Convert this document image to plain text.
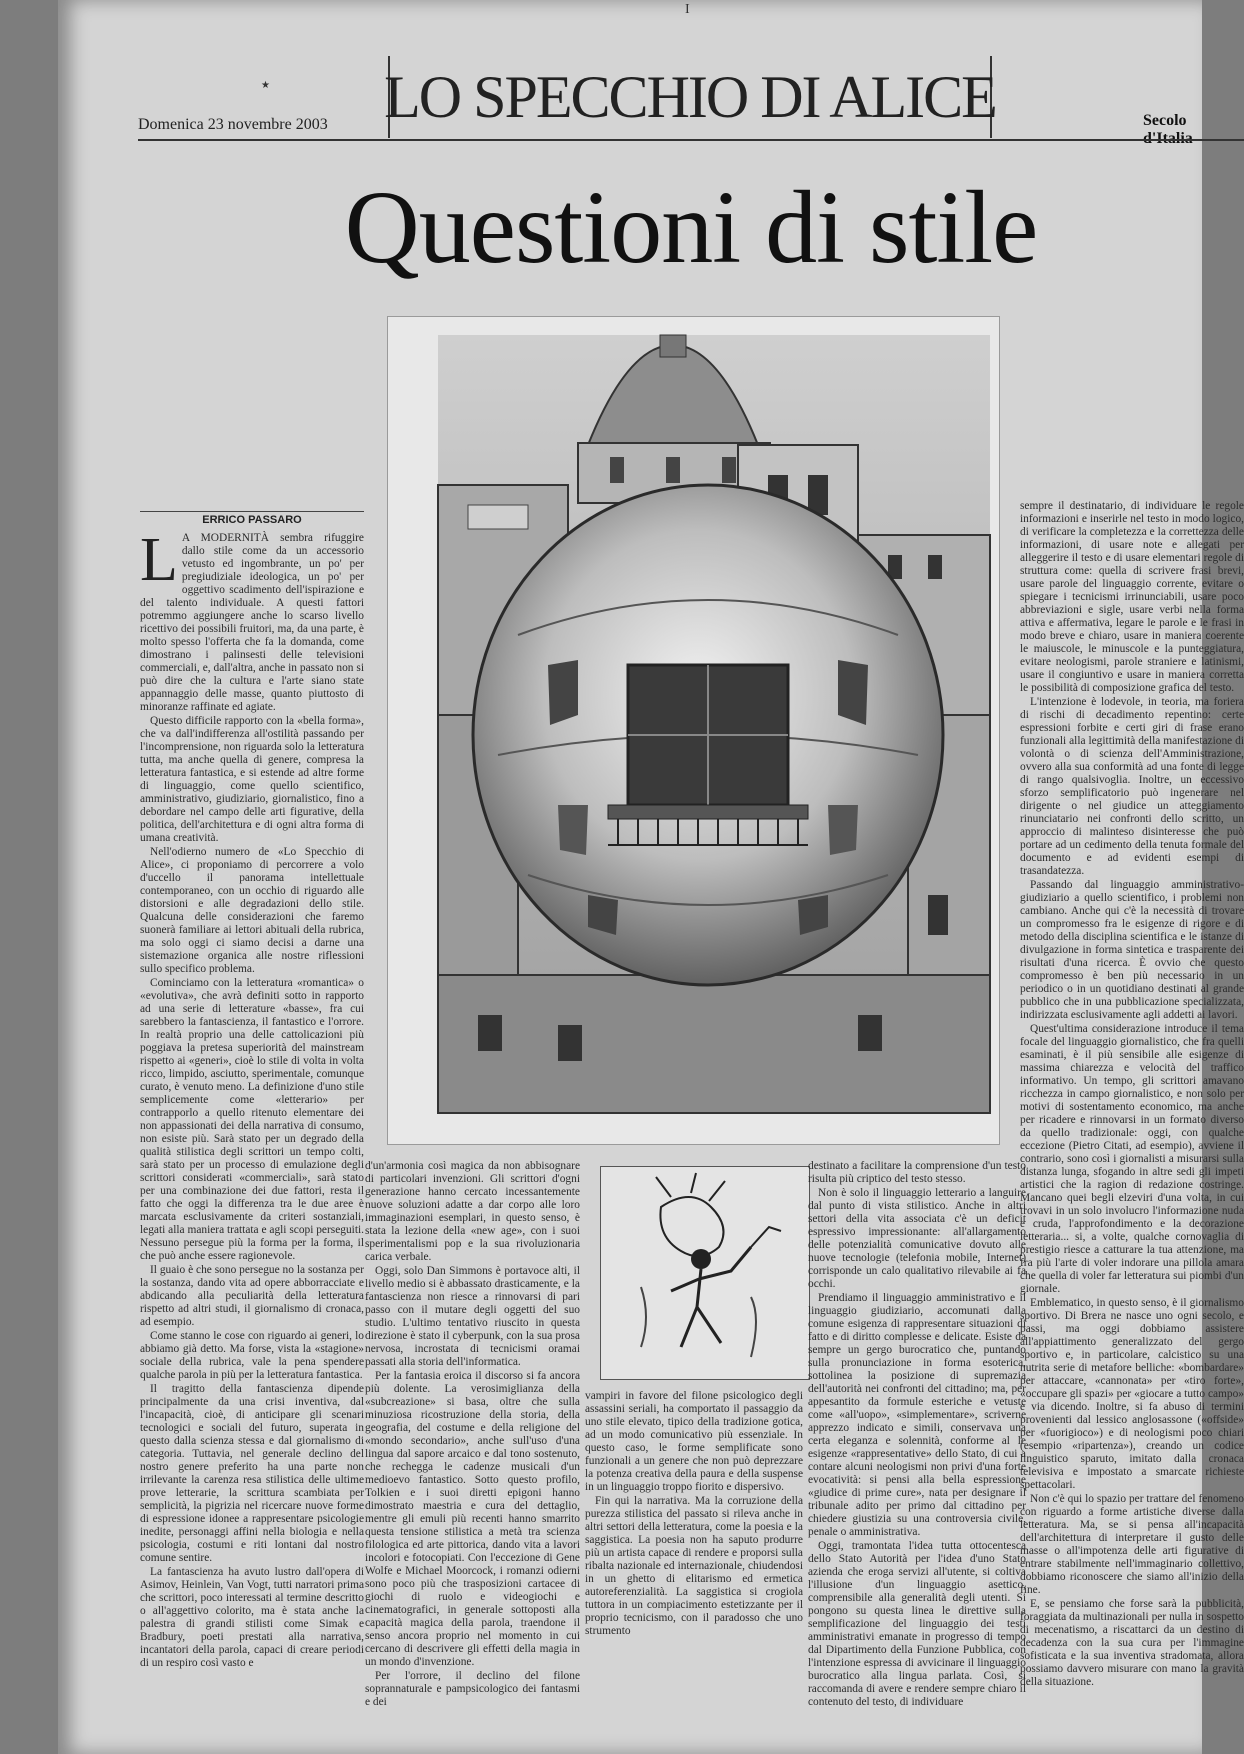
I
★ LO SPECCHIO DI ALICE
Domenica 23 novembre 2003	Secolo
Questioni di stile
ERRICO PASSARO

L A MODERNITÀ sembra rifuggire dallo stile come da un accessorio vetusto ed ingombrante, un po' per pregiudiziale ideologica, un po' per oggettivo scadimento dell'ispirazione e del talento individuale. A questi fattori potremmo aggiungere anche lo scarso livello ricettivo dei possibili fruitori, ma, da una parte, è molto spesso l'offerta che fa la domanda, come dimostrano i palinsesti delle televisioni commerciali, e, dall'altra, anche in passato non si può dire che la cultura e l'arte siano state appannaggio delle masse, quanto piuttosto di minoranze raffinate ed agiate.

Questo difficile rapporto con la «bella forma», che va dall'indifferenza all'ostilità passando per l'incomprensione, non riguarda solo la letteratura tutta, ma anche quella di genere, compresa la letteratura fantastica, e si estende ad altre forme di linguaggio, come quello scientifico, amministrativo, giudiziario, giornalistico, fino a debordare nel campo delle arti figurative, della politica, dell'architettura e di ogni altra forma di umana creatività.

Nell'odierno numero de «Lo Specchio di Alice», ci proponiamo di percorrere a volo d'uccello il panorama intellettuale contemporaneo, con un occhio di riguardo alle distorsioni e alle degradazioni dello stile. Qualcuna delle considerazioni che faremo suonerà familiare ai lettori abituali della rubrica, ma solo oggi ci siamo decisi a darne una sistemazione organica alle nostre riflessioni sullo specifico problema.

Cominciamo con la letteratura «romantica» o «evolutiva», che avrà definiti sotto in rapporto ad una serie di letterature «basse», fra cui sarebbero la fantascienza, il fantastico e l'orrore. In realtà proprio una delle cattolicazioni più poggiava la pretesa superiorità del mainstream rispetto ai «generi», cioè lo stile di volta in volta ricco, limpido, asciutto, sperimentale, comunque curato, è venuto meno. La definizione d'uno stile semplicemente come «letterario» per contrapporlo a quello ritenuto elementare dei non appassionati dei della narrativa di consumo, non esiste più. Sarà stato per un degrado della qualità stilistica degli scrittori un tempo colti, sarà stato per un processo di emulazione degli scrittori considerati «commerciali», sarà stato per una combinazione dei due fattori, resta il fatto che oggi la differenza tra le due aree è marcata esclusivamente da criteri sostanziali, legati alla maniera trattata e agli scopi perseguiti. Nessuno persegue più la forma per la forma, il che può anche essere ragionevole.

Il guaio è che sono persegue no la sostanza per la sostanza, dando vita ad opere abborracciate e abdicando alla peculiarità della letteratura rispetto ad altri studi, il giornalismo di cronaca, ad esempio.

Come stanno le cose con riguardo ai generi, lo abbiamo già detto. Ma forse, vista la «stagione» sociale della rubrica, vale la pena spendere qualche parola in più per la letteratura fantastica.

Il tragitto della fantascienza dipende principalmente da una crisi inventiva, dal l'incapacità, cioè, di anticipare gli scenari tecnologici e sociali del futuro, superata in questo dalla scienza stessa e dal giornalismo di categoria. Tuttavia, nel generale declino del nostro genere preferito ha una parte non irrilevante la carenza resa stilistica delle ultime prove letterarie, la scrittura scambiata per semplicità, la pigrizia nel ricercare nuove forme di espressione idonee a rappresentare psicologie inedite, personaggi affini nella biologia e nella psicologia, costumi e riti lontani dal nostro comune sentire.

La fantascienza ha avuto lustro dall'opera di Asimov, Heinlein, Van Vogt, tutti narratori prima che scrittori, poco interessati al termine descritto o all'aggettivo colorito, ma è stata anche la palestra di grandi stilisti come Simak e Bradbury, poeti prestati alla narrativa, incantatori della parola, capaci di creare periodi di un respiro così vasto e

d'un'armonia così magica da non abbisognare di particolari invenzioni. Gli scrittori d'ogni generazione hanno cercato incessantemente nuove soluzioni adatte a dar corpo alle loro immaginazioni esemplari, in questo senso, è stata la lezione della «new age», con i suoi sperimentalismi pop e la sua rivoluzionaria carica verbale.

Oggi, solo Dan Simmons è portavoce alti, il livello medio si è abbassato drasticamente, e la fantascienza non riesce a rinnovarsi di pari passo con il mutare degli oggetti del suo studio. L'ultimo tentativo riuscito in questa direzione è stato il cyberpunk, con la sua prosa nervosa, incrostata di tecnicismi oramai passati alla storia dell'informatica.

Per la fantasia eroica il discorso si fa ancora più dolente. La verosimiglianza della «subcreazione» si basa, oltre che sulla minuziosa ricostruzione della storia, della geografia, del costume e della religione del «mondo secondario», anche sull'uso d'una lingua dal sapore arcaico e dal tono sostenuto, che rechegga le cadenze musicali d'un medioevo fantastico. Sotto questo profilo, Tolkien e i suoi diretti epigoni hanno dimostrato maestria e cura del dettaglio, mentre gli emuli più recenti hanno smarrito questa tensione stilistica a metà tra scienza filologica ed arte pittorica, dando vita a lavori incolori e fotocopiati. Con l'eccezione di Gene Wolfe e Michael Moorcock, i romanzi odierni sono poco più che trasposizioni cartacee di giochi di ruolo e videogiochi e cinematografici, in generale sottoposti alla capacità magica della parola, traendone il senso ancora proprio nel momento in cui cercano di descrivere gli effetti della magia in un mondo d'invenzione.

Per l'orrore, il declino del filone soprannaturale e pampsicologico dei fantasmi e dei

vampiri in favore del filone psicologico degli assassini seriali, ha comportato il passaggio da uno stile elevato, tipico della tradizione gotica, ad un modo comunicativo più essenziale. In questo caso, le forme semplificate sono funzionali a un genere che non può deprezzare la potenza creativa della paura e della suspense in un linguaggio troppo fiorito e dispersivo.

Fin qui la narrativa. Ma la corruzione della purezza stilistica del passato si rileva anche in altri settori della letteratura, come la poesia e la saggistica. La poesia non ha saputo produrre più un artista capace di rendere e proporsi sulla ribalta nazionale ed internazionale, chiudendosi in un ghetto di elitarismo ed ermetica autoreferenzialità. La saggistica si crogiola tuttora in un compiacimento estetizzante per il proprio tecnicismo, con il paradosso che uno strumento

destinato a facilitare la comprensione d'un testo risulta più criptico del testo stesso.

Non è solo il linguaggio letterario a languire dal punto di vista stilistico. Anche in altri settori della vita associata c'è un deficit espressivo impressionante: all'allargamento delle potenzialità comunicative dovuto alle nuove tecnologie (telefonia mobile, Internet) corrisponde un calo qualitativo rilevabile ai fa occhi.

Prendiamo il linguaggio amministrativo e il linguaggio giudiziario, accomunati dalla comune esigenza di rappresentare situazioni di fatto e di diritto complesse e delicate. Esiste da sempre un gergo burocratico che, puntando sulla pronunciazione in forma esoterica, sottolinea la posizione di supremazia dell'autorità nei confronti del cittadino; ma, per appesantito da formule esteriche e vetuste come «all'uopo», «simplementare», scriverne apprezzo indicato e simili, conservava una certa eleganza e solennità, conforme al le esigenze «rappresentative» dello Stato, di cui a contare alcuni neologismi non privi d'una forte evocatività: si pensi alla bella espressione «giudice di prime cure», nata per designare il tribunale adito per primo dal cittadino per chiedere giustizia su una controversia civile, penale o amministrativa.

Oggi, tramontata l'idea tutta ottocentesca dello Stato Autorità per l'idea d'uno Stato azienda che eroga servizi all'utente, si coltiva l'illusione d'un linguaggio asettico, comprensibile alla generalità degli utenti. Si pongono su questa linea le direttive sulla semplificazione del linguaggio dei testi amministrativi emanate in progresso di tempo dal Dipartimento della Funzione Pubblica, con l'intenzione espressa di avvicinare il linguaggio burocratico alla lingua parlata. Così, si raccomanda di avere e rendere sempre chiaro il contenuto del testo, di individuare

sempre il destinatario, di individuare le regole informazioni e inserirle nel testo in modo logico, di verificare la completezza e la correttezza delle informazioni, di usare note e allegati per alleggerire il testo e di usare elementari regole di struttura come: quella di scrivere frasi brevi, usare parole del linguaggio corrente, evitare o spiegare i tecnicismi irrinunciabili, usare poco abbreviazioni e sigle, usare verbi nella forma attiva e affermativa, legare le parole e le frasi in modo breve e chiaro, usare in maniera coerente le maiuscole, le minuscole e la punteggiatura, evitare neologismi, parole straniere e latinismi, usare il congiuntivo e usare in maniera corretta le possibilità di composizione grafica del testo.

L'intenzione è lodevole, in teoria, ma foriera di rischi di decadimento repentino: certe espressioni forbite e certi giri di frase erano funzionali alla legittimità della manifestazione di volontà o di scienza dell'Amministrazione, ovvero alla sua conformità ad una fonte di legge di rango qualsivoglia. Inoltre, un eccessivo sforzo semplificatorio può ingenerare nel dirigente o nel giudice un atteggiamento rinunciatario nei confronti dello scritto, un approccio di malinteso disinteresse che può portare ad un cedimento della tenuta formale del documento e ad evidenti esempi di trasandatezza.

Passando dal linguaggio amministrativo-giudiziario a quello scientifico, i problemi non cambiano. Anche qui c'è la necessità di trovare un compromesso fra le esigenze di rigore e di metodo della disciplina scientifica e le istanze di divulgazione in forma sintetica e trasparente dei risultati d'una ricerca. È ovvio che questo compromesso è ben più necessario in un periodico o in un quotidiano destinati al grande pubblico che in una pubblicazione specializzata, indirizzata esclusivamente agli addetti ai lavori.

Quest'ultima considerazione introduce il tema focale del linguaggio giornalistico, che fra quelli esaminati, è il più sensibile alle esigenze di massima chiarezza e velocità del traffico informativo. Un tempo, gli scrittori amavano ricchezza in campo giornalistico, e non solo per motivi di sostentamento economico, ma anche per ricadere e rinnovarsi in un formato diverso da quello tradizionale: oggi, con qualche eccezione (Pietro Citati, ad esempio), avviene il contrario, sono così i giornalisti a misurarsi sulla distanza lunga, sfogando in altre sedi gli impeti artistici che la ragion di redazione costringe. Mancano quei begli elzeviri d'una volta, in cui trovavi in un solo involucro l'informazione nuda e cruda, l'approfondimento e la decorazione letteraria... si, a volte, qualche cornovaglia di prestigio riesce a catturare la tua attenzione, ma fra più l'arte di voler indorare una pillola amara che quella di voler far letteratura sui piombi d'un giornale.

Emblematico, in questo senso, è il giornalismo sportivo. Di Brera ne nasce uno ogni secolo, e passi, ma oggi dobbiamo assistere all'appiattimento generalizzato del gergo sportivo e, in particolare, calcistico su una nutrita serie di metafore belliche: «bombardare» per attaccare, «cannonata» per «tiro forte», «occupare gli spazi» per «giocare a tutto campo» e via dicendo. Inoltre, si fa abuso di termini provenienti dal lessico anglosassone («offside» per «fuorigioco») e di neologismi poco chiari (esempio «ripartenza»), creando un codice linguistico sparuto, imitato dalla cronaca televisiva e impostato a smarcate richieste spettacolari.

Non c'è qui lo spazio per trattare del fenomeno con riguardo a forme artistiche diverse dalla letteratura. Ma, se si pensa all'incapacità dell'architettura di interpretare il gusto delle masse o all'impotenza delle arti figurative di entrare stabilmente nell'immaginario collettivo, dobbiamo riconoscere che siamo all'inizio della fine.

E, se pensiamo che forse sarà la pubblicità, foraggiata da multinazionali per nulla in sospetto di mecenatismo, a riscattarci da un destino di decadenza con la sua cura per l'immagine sofisticata e la sua inventiva stradomata, allora possiamo davvero misurare con mano la gravità della situazione.
